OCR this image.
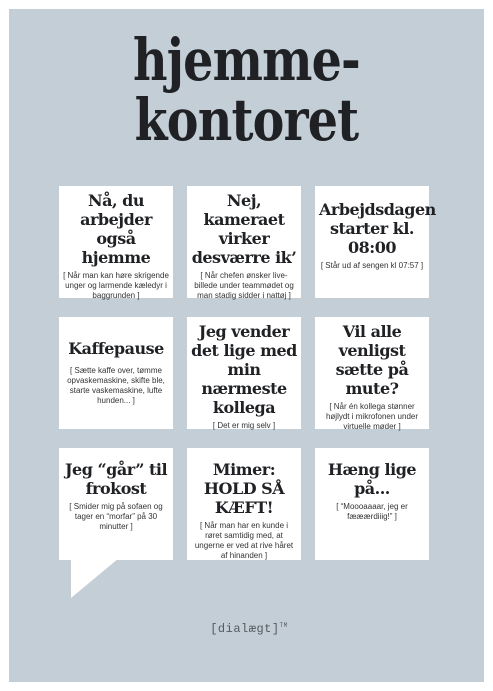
hjemme-
kontoret
Nå, du arbejder også hjemme

[ Når man kan høre skrigende unger og larmende kæledyr i baggrunden ]

Nej, kameraet virker desværre ik’

[ Når chefen ønsker live-billede under teammødet og man stadig sidder i nattøj ]

Arbejdsdagen starter kl. 08:00

[ Står ud af sengen kl 07:57 ]

Kaffepause

[ Sætte kaffe over, tømme opvaskemaskine, skifte ble, starte vaskemaskine, lufte hunden... ]

Jeg vender det lige med min nærmeste kollega

[ Det er mig selv ]

Vil alle venligst sætte på mute?

[ Når én kollega stønner højlydt i mikrofonen under virtuelle møder ]

Jeg “går” til frokost

[ Smider mig på sofaen og tager en “morfar” på 30 minutter ]

Mimer: HOLD SÅ KÆFT!

[ Når man har en kunde i røret samtidig med, at ungerne er ved at rive håret af hinanden ]

Hæng lige på...

[ “Moooaaaar, jeg er fææærdiiig!” ]

[dialægt]™
